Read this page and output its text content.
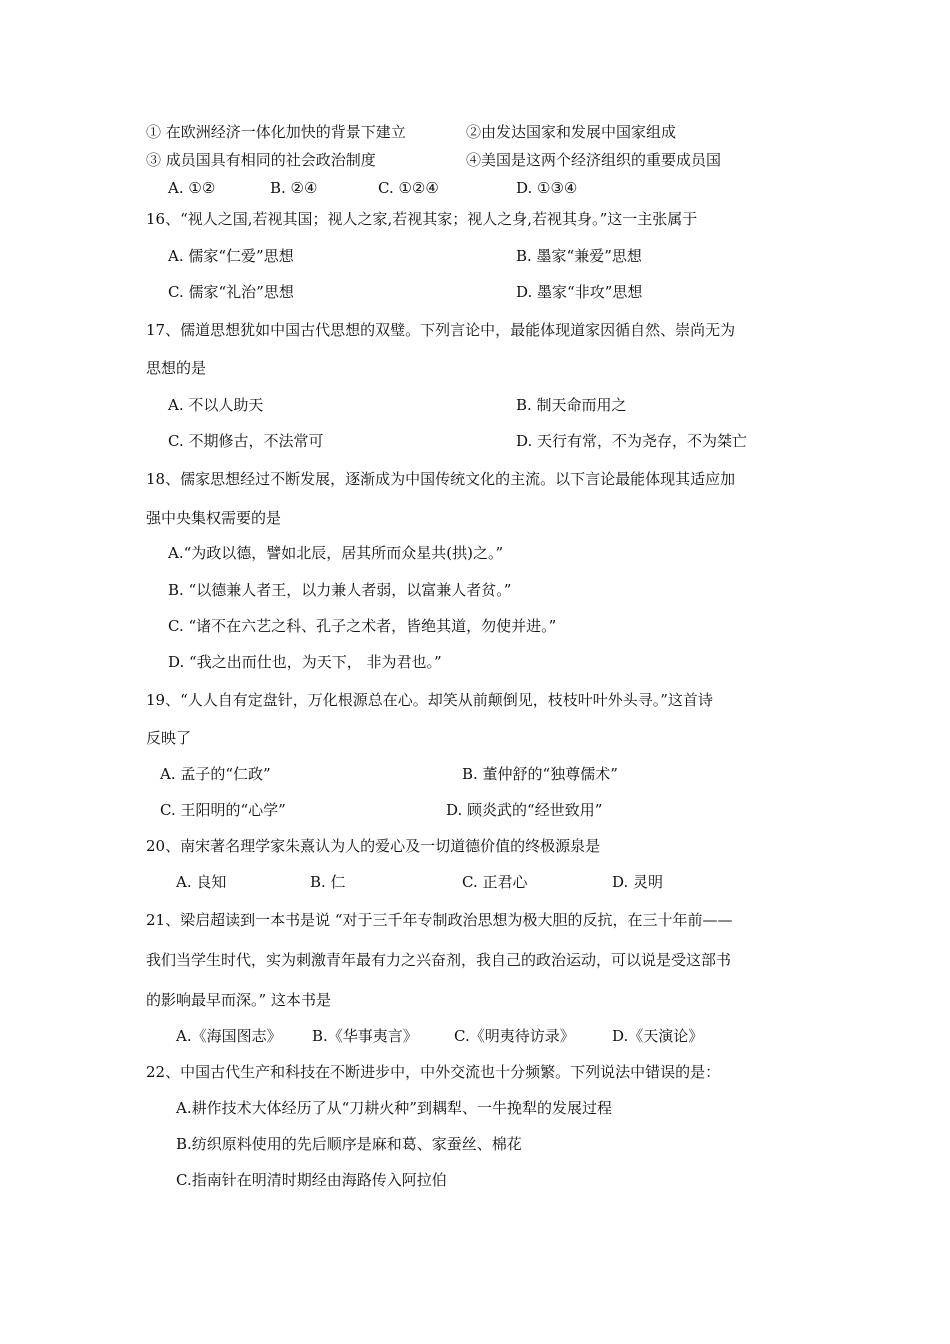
① 在欧洲经济一体化加快的背景下建立	②由发达国家和发展中国家组成
③ 成员国具有相同的社会政治制度	④美国是这两个经济组织的重要成员国
A. ①②	B. ②④	C. ①②④	D. ①③④
16、“视人之国,若视其国；视人之家,若视其家；视人之身,若视其身。”这一主张属于
A. 儒家“仁爱”思想	B. 墨家“兼爱”思想
C. 儒家“礼治”思想	D. 墨家“非攻”思想
17、儒道思想犹如中国古代思想的双璧。下列言论中，最能体现道家因循自然、崇尚无为
思想的是
A. 不以人助天	B. 制天命而用之
C. 不期修古，不法常可	D. 天行有常，不为尧存，不为桀亡
18、儒家思想经过不断发展，逐渐成为中国传统文化的主流。以下言论最能体现其适应加
强中央集权需要的是
A.“为政以德，譬如北辰，居其所而众星共(拱)之。”
B. “以德兼人者王，以力兼人者弱，以富兼人者贫。”
C. “诸不在六艺之科、孔子之术者，皆绝其道，勿使并进。”
D. “我之出而仕也，为天下， 非为君也。”
19、“人人自有定盘针，万化根源总在心。却笑从前颠倒见，枝枝叶叶外头寻。”这首诗
反映了
A. 孟子的“仁政”	B. 董仲舒的“独尊儒术”
C. 王阳明的“心学”	D. 顾炎武的“经世致用”
20、南宋著名理学家朱熹认为人的爱心及一切道德价值的终极源泉是
A. 良知	B. 仁	C. 正君心	D. 灵明
21、梁启超读到一本书是说 “对于三千年专制政治思想为极大胆的反抗，在三十年前——
我们当学生时代，实为刺激青年最有力之兴奋剂，我自己的政治运动，可以说是受这部书
的影响最早而深。” 这本书是
A.《海国图志》 B.《华事夷言》 C.《明夷待访录》 D.《天演论》
22、中国古代生产和科技在不断进步中，中外交流也十分频繁。下列说法中错误的是：
A.耕作技术大体经历了从“刀耕火种”到耦犁、一牛挽犁的发展过程
B.纺织原料使用的先后顺序是麻和葛、家蚕丝、棉花
C.指南针在明清时期经由海路传入阿拉伯
